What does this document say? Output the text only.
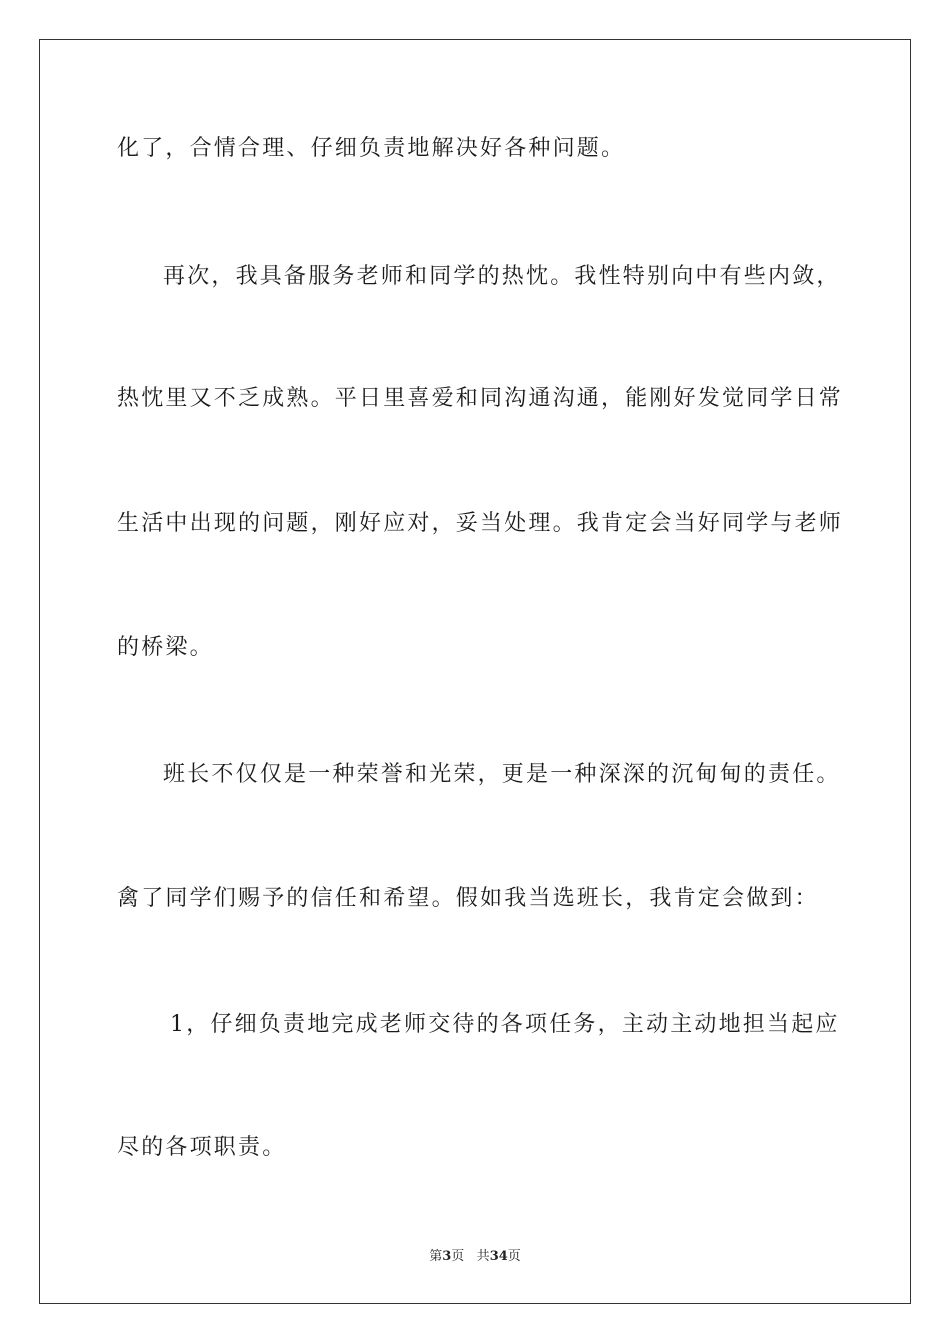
化了，合情合理、仔细负责地解决好各种问题。
再次，我具备服务老师和同学的热忱。我性特别向中有些内敛，
热忱里又不乏成熟。平日里喜爱和同沟通沟通，能刚好发觉同学日常
生活中出现的问题，刚好应对，妥当处理。我肯定会当好同学与老师
的桥梁。
班长不仅仅是一种荣誉和光荣，更是一种深深的沉甸甸的责任。
禽了同学们赐予的信任和希望。假如我当选班长，我肯定会做到：
1，仔细负责地完成老师交待的各项任务，主动主动地担当起应
尽的各项职责。
第3页 共34页
